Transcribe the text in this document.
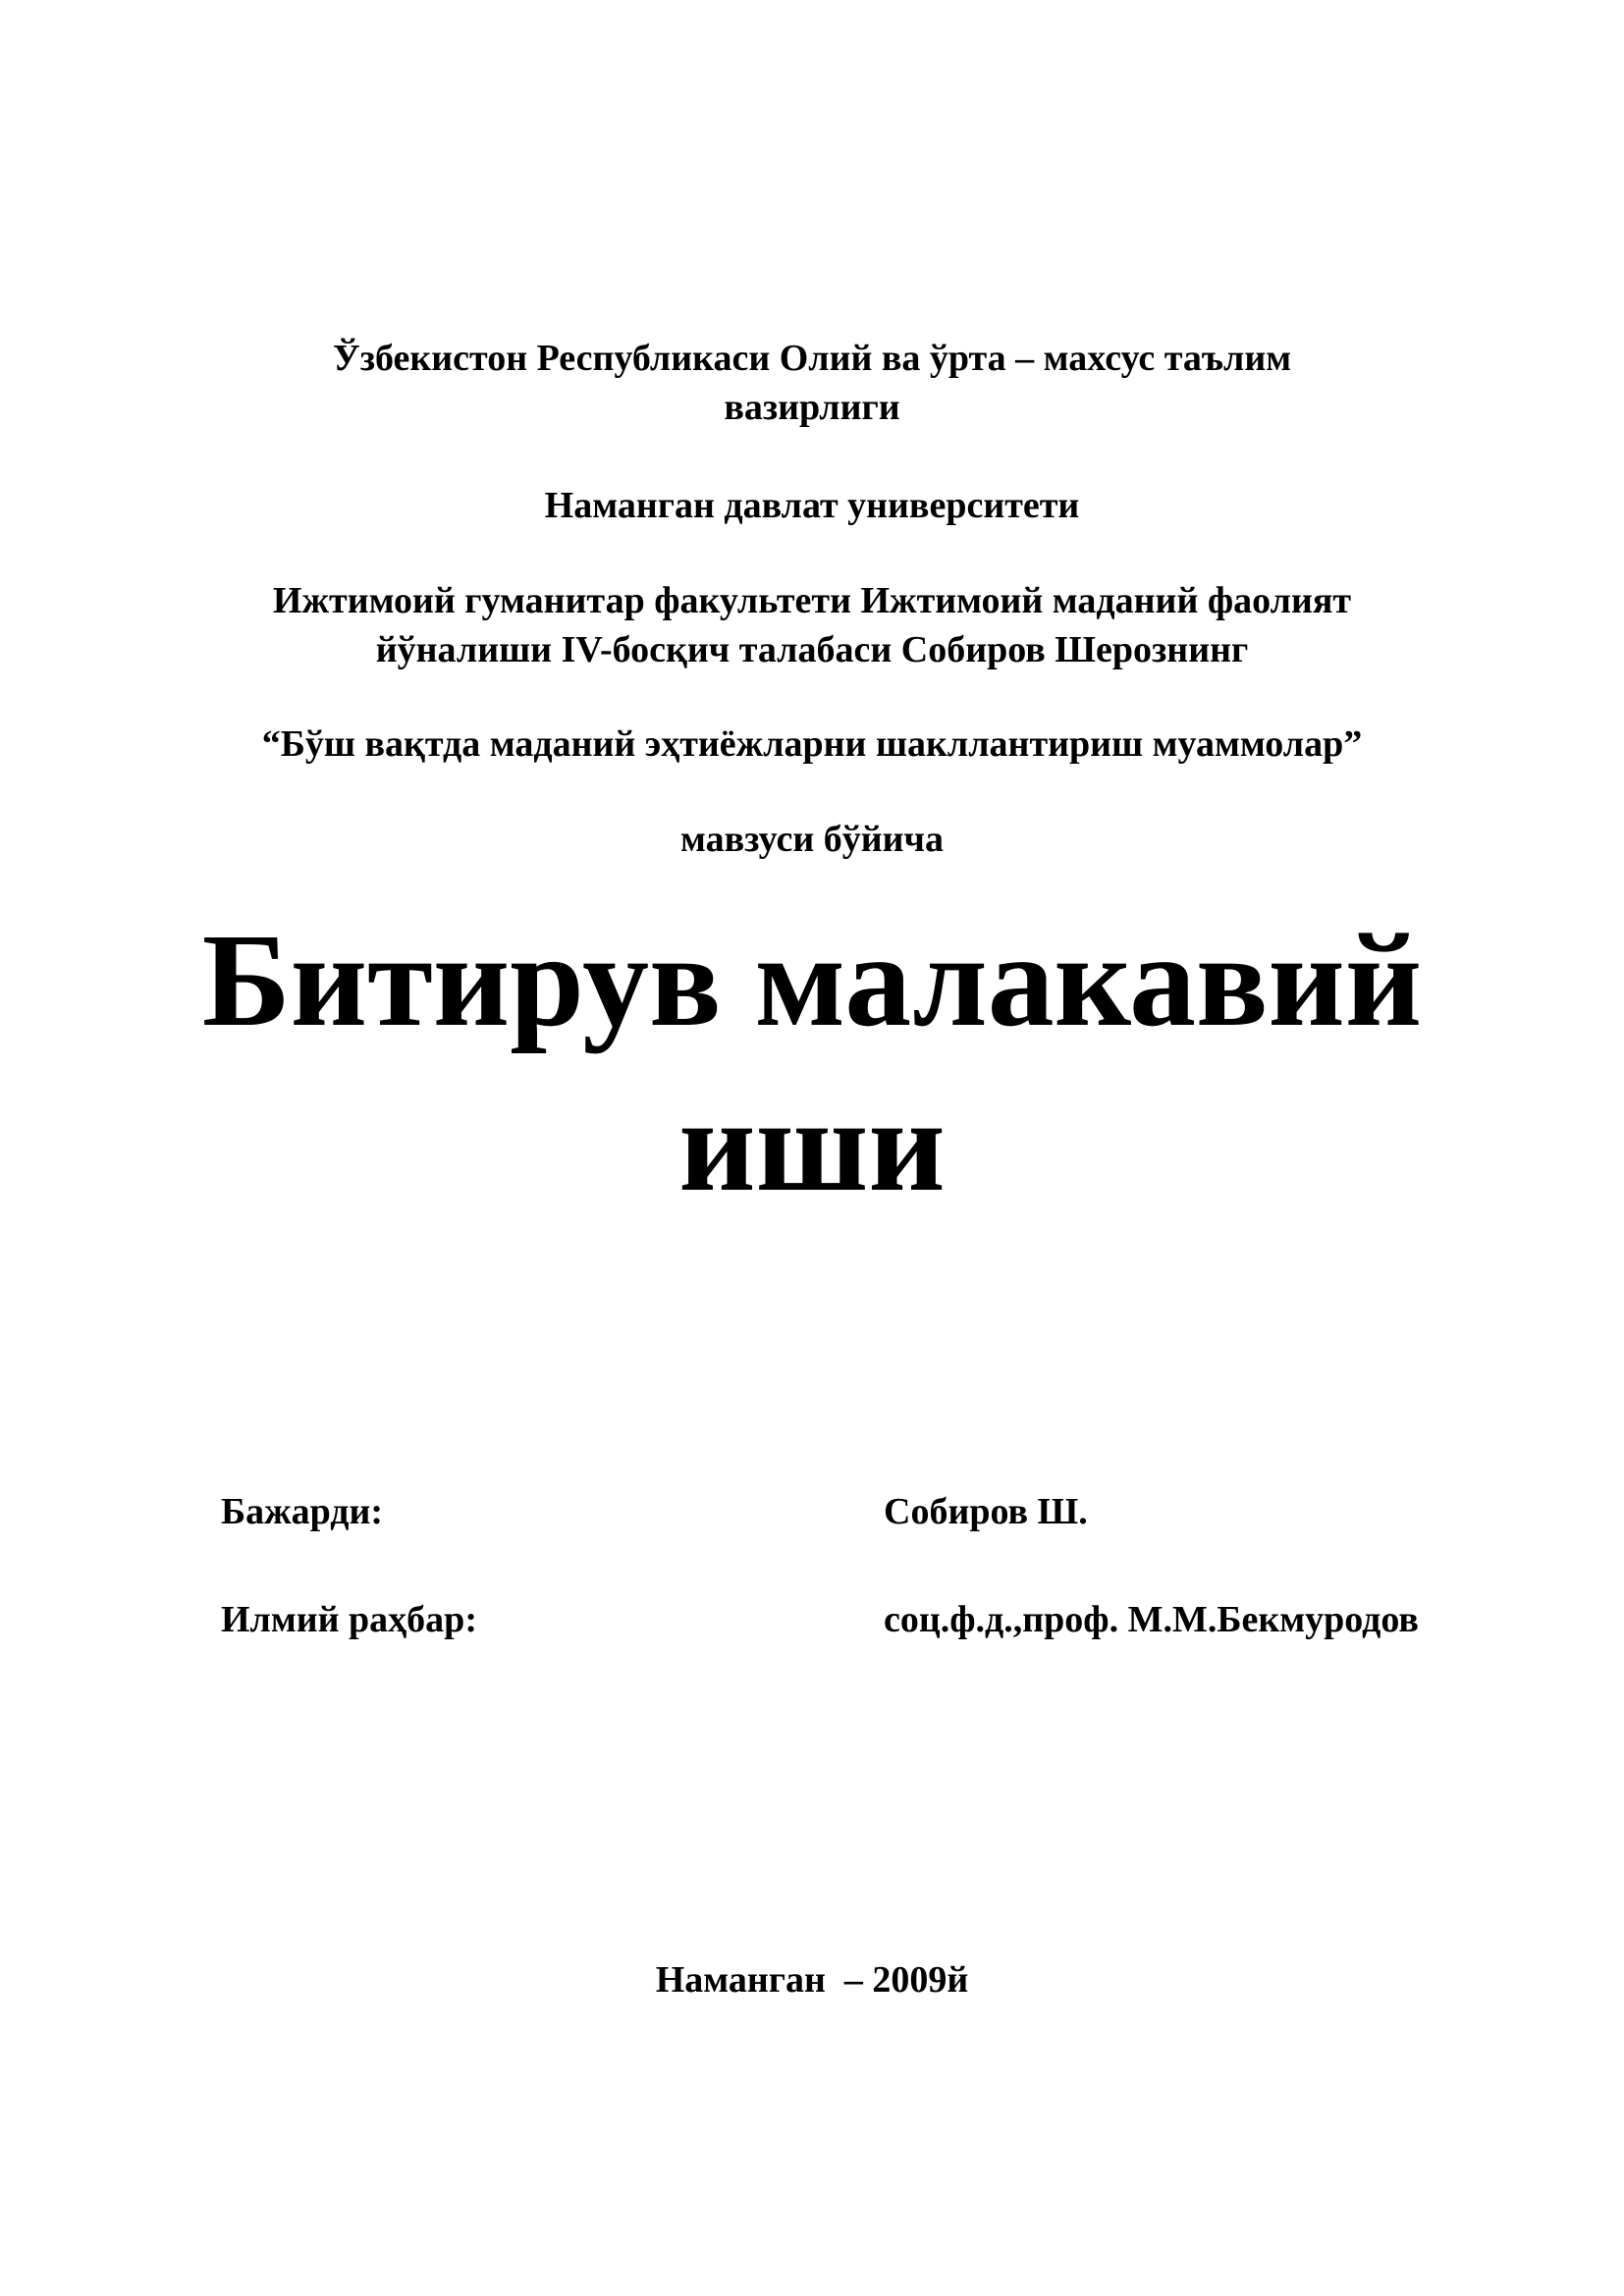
Ўзбекистон Республикаси Олий ва ўрта – махсус таълим
вазирлиги
Наманган давлат университети
Ижтимоий гуманитар факультети Ижтимоий маданий фаолият
йўналиши IV-босқич талабаси Собиров Шерознинг
“Бўш вақтда маданий эҳтиёжларни шакллантириш муаммолар”
мавзуси бўйича
Битирув малакавий
иши
Бажарди:	Собиров Ш.
Илмий раҳбар:	соц.ф.д.,проф. М.М.Бекмуродов
Наманган  – 2009й
